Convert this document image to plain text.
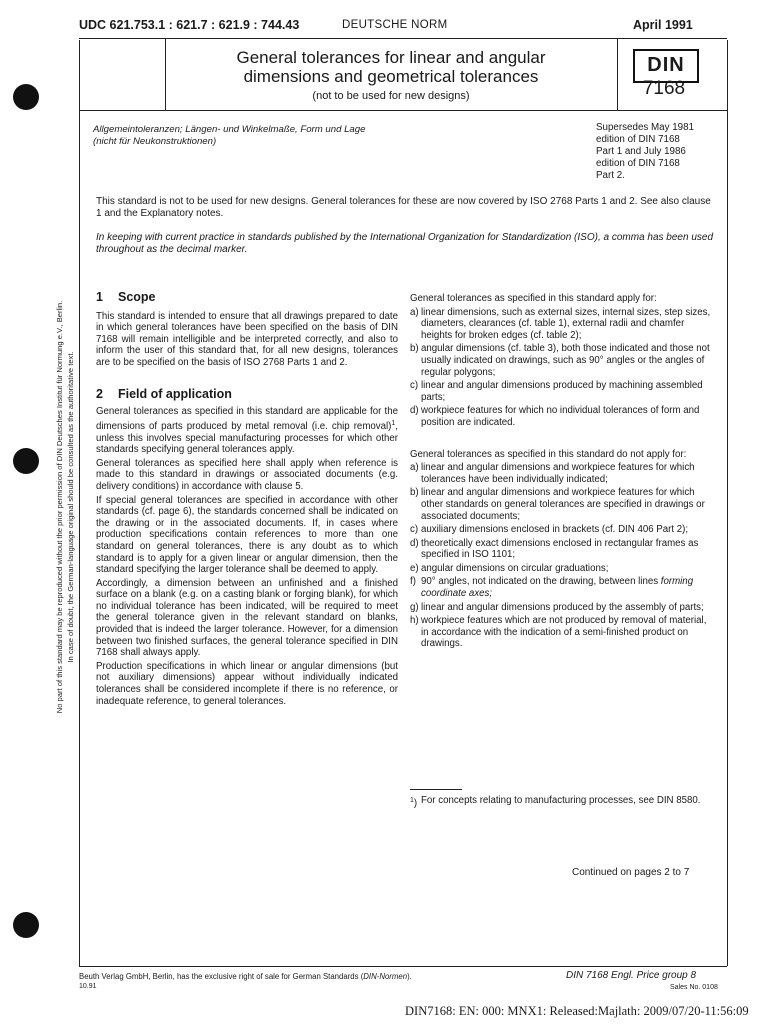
No part of this standard may be reproduced without the prior permission of DIN Deutsches Institut für Normung e.V., Berlin. In case of doubt, the German-language original should be consulted as the authoritative text.
UDC 621.753.1 : 621.7 : 621.9 : 744.43	DEUTSCHE NORM	April 1991
General tolerances for linear and angular
dimensions and geometrical tolerances
(not to be used for new designs)
DIN
7168
Allgemeintoleranzen; Längen- und Winkelmaße, Form und Lage
(nicht für Neukonstruktionen)
Supersedes May 1981
edition of DIN 7168
Part 1 and July 1986
edition of DIN 7168
Part 2.
This standard is not to be used for new designs. General tolerances for these are now covered by ISO 2768 Parts 1 and 2. See also clause 1 and the Explanatory notes.
In keeping with current practice in standards published by the International Organization for Standardization (ISO), a comma has been used throughout as the decimal marker.
1 Scope

This standard is intended to ensure that all drawings prepared to date in which general tolerances have been specified on the basis of DIN 7168 will remain intelligible and be interpreted correctly, and also to inform the user of this standard that, for all new designs, tolerances are to be specified on the basis of ISO 2768 Parts 1 and 2.

2 Field of application

General tolerances as specified in this standard are applicable for the dimensions of parts produced by metal removal (i.e. chip removal)$^1$, unless this involves special manufacturing processes for which other standards specifying general tolerances apply.

General tolerances as specified here shall apply when reference is made to this standard in drawings or associated documents (e.g. delivery conditions) in accordance with clause 5.

If special general tolerances are specified in accordance with other standards (cf. page 6), the standards concerned shall be indicated on the drawing or in the associated documents. If, in cases where production specifications contain references to more than one standard on general tolerances, there is any doubt as to which standard is to apply for a given linear or angular dimension, then the standard specifying the larger tolerance shall be deemed to apply.

Accordingly, a dimension between an unfinished and a finished surface on a blank (e.g. on a casting blank or forging blank), for which no individual tolerance has been indicated, will be required to meet the general tolerance given in the relevant standard on blanks, provided that is indeed the larger tolerance. However, for a dimension between two finished surfaces, the general tolerance specified in DIN 7168 shall always apply.

Production specifications in which linear or angular dimensions (but not auxiliary dimensions) appear without individually indicated tolerances shall be considered incomplete if there is no reference, or inadequate reference, to general tolerances.

General tolerances as specified in this standard apply for:

a) linear dimensions, such as external sizes, internal sizes, step sizes, diameters, clearances (cf. table 1), external radii and chamfer heights for broken edges (cf. table 2);
b) angular dimensions (cf. table 3), both those indicated and those not usually indicated on drawings, such as 90° angles or the angles of regular polygons;
c) linear and angular dimensions produced by machining assembled parts;
d) workpiece features for which no individual tolerances of form and position are indicated.

General tolerances as specified in this standard do not apply for:

a) linear and angular dimensions and workpiece features for which tolerances have been individually indicated;
b) linear and angular dimensions and workpiece features for which other standards on general tolerances are specified in drawings or associated documents;
c) auxiliary dimensions enclosed in brackets (cf. DIN 406 Part 2);
d) theoretically exact dimensions enclosed in rectangular frames as specified in ISO 1101;
e) angular dimensions on circular graduations;
f) 90° angles, not indicated on the drawing, between lines forming coordinate axes;
g) linear and angular dimensions produced by the assembly of parts;
h) workpiece features which are not produced by removal of material, in accordance with the indication of a semi-finished product on drawings.
$^1$) For concepts relating to manufacturing processes, see DIN 8580.
Continued on pages 2 to 7
Beuth Verlag GmbH, Berlin, has the exclusive right of sale for German Standards (DIN-Normen).
10.91
DIN 7168 Engl. Price group 8
Sales No. 0108
DIN7168: EN: 000: MNX1: Released:Majlath: 2009/07/20-11:56:09
